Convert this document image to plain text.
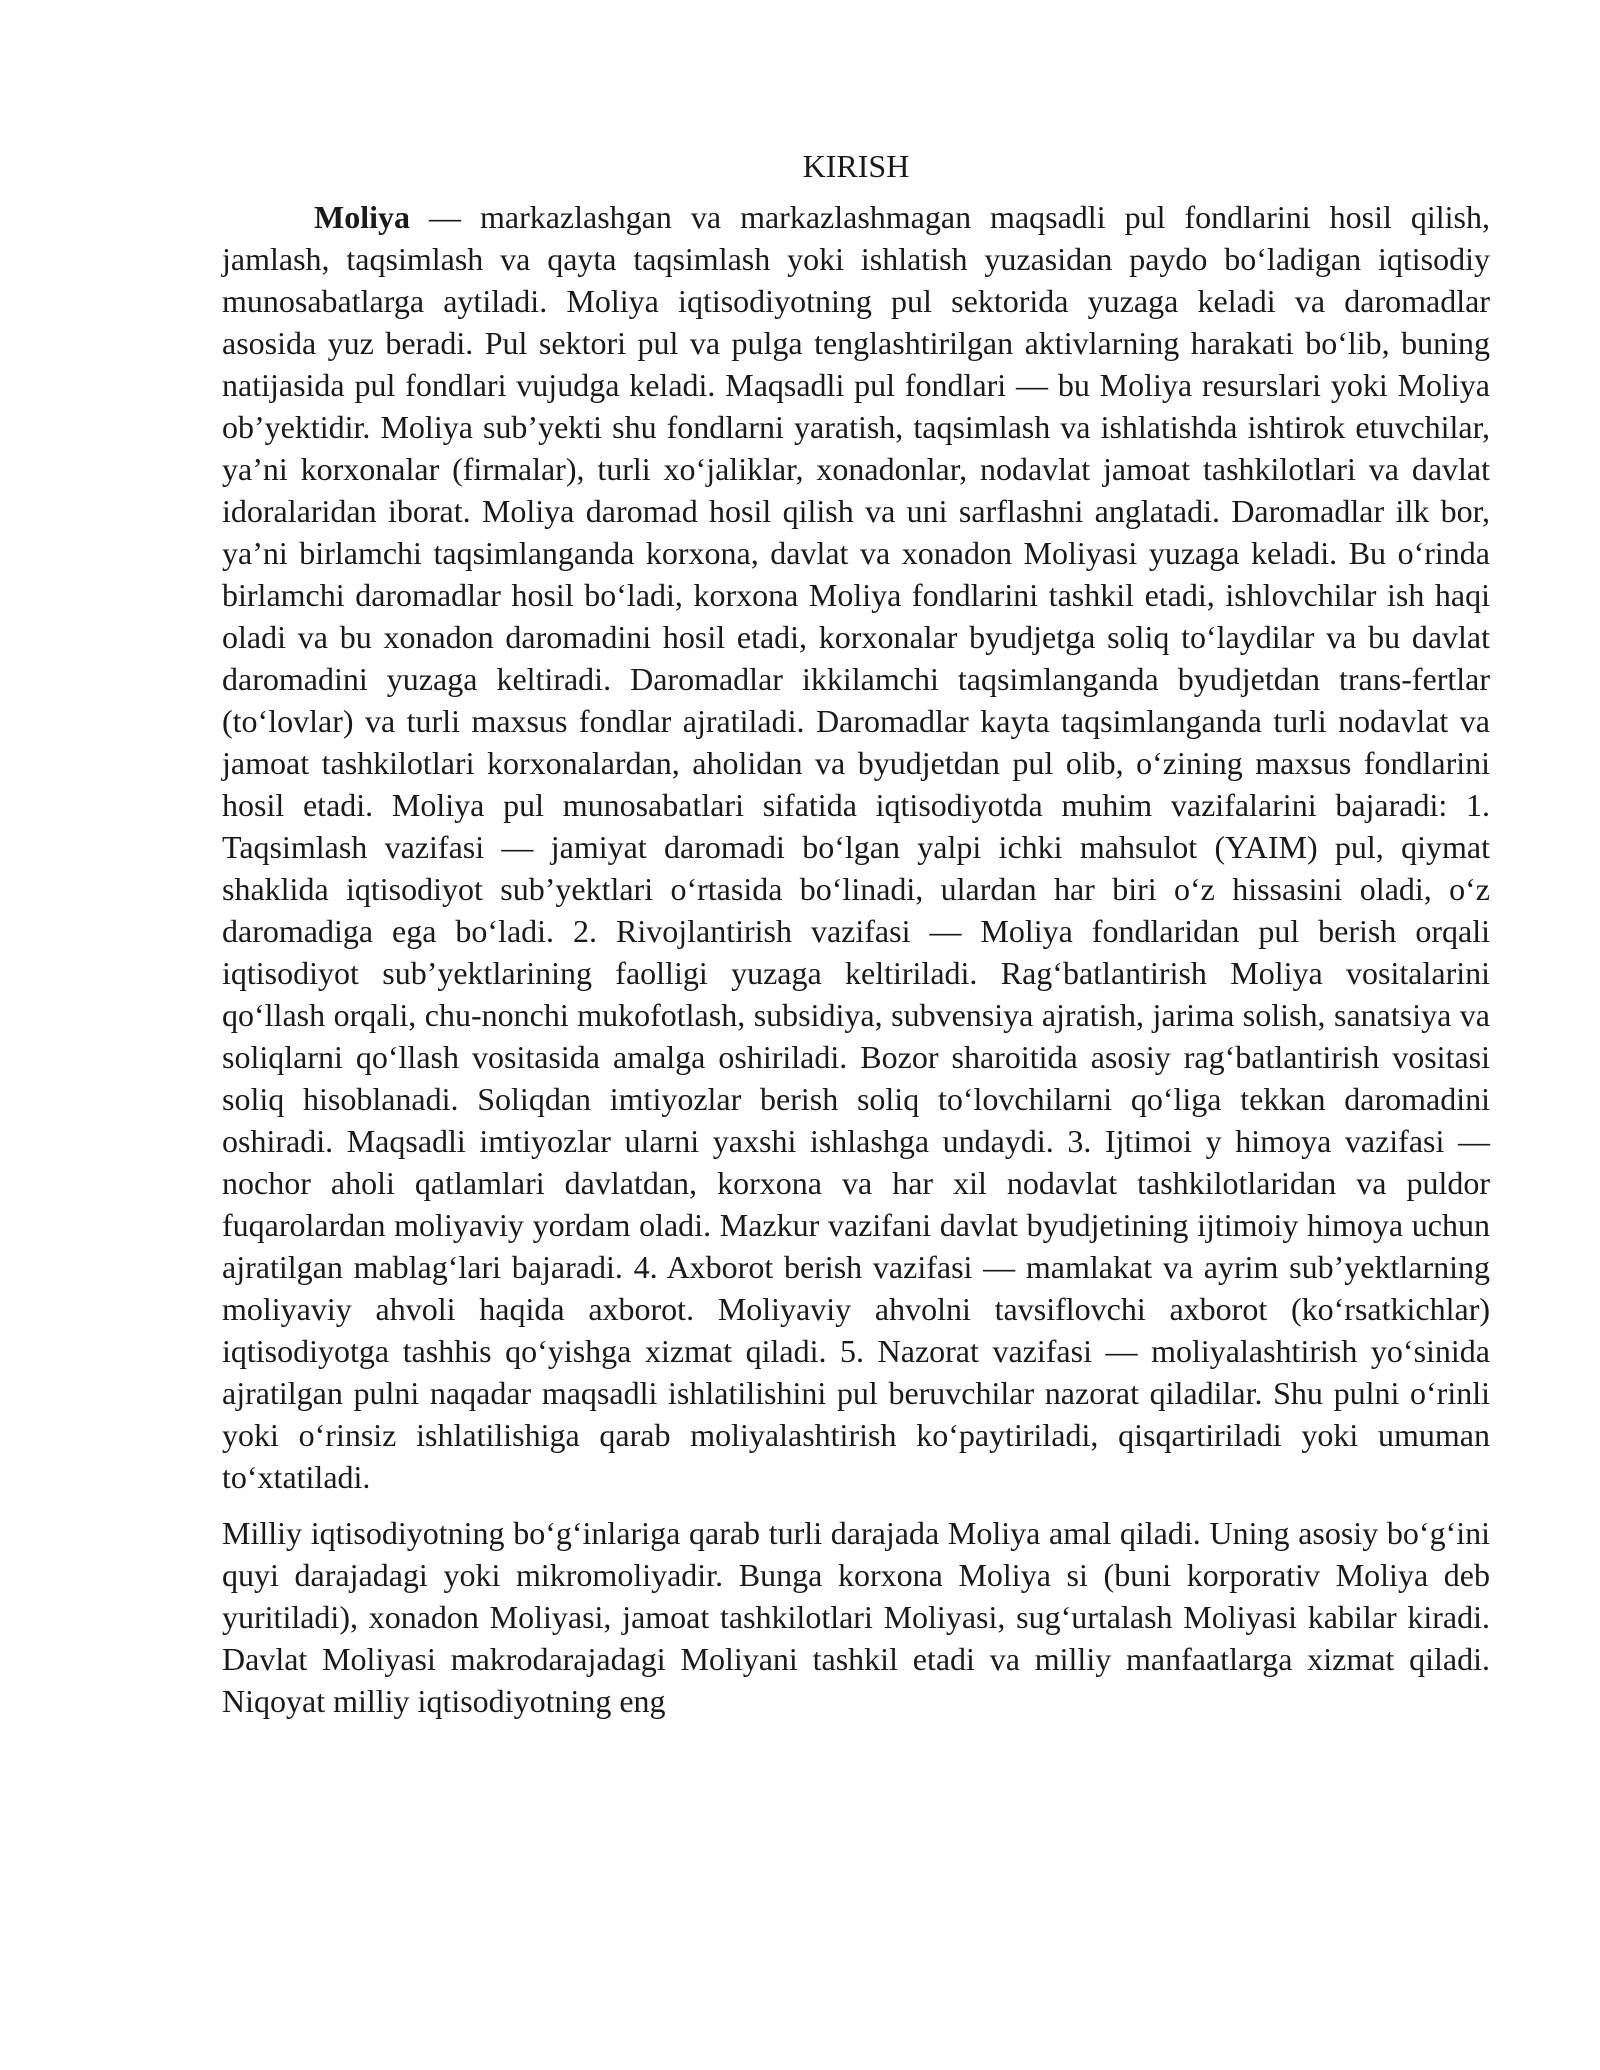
KIRISH

Moliya — markazlashgan va markazlashmagan maqsadli pul fondlarini hosil qilish, jamlash, taqsimlash va qayta taqsimlash yoki ishlatish yuzasidan paydo bo‘ladigan iqtisodiy munosabatlarga aytiladi. Moliya iqtisodiyotning pul sektorida yuzaga keladi va daromadlar asosida yuz beradi. Pul sektori pul va pulga tenglashtirilgan aktivlarning harakati bo‘lib, buning natijasida pul fondlari vujudga keladi. Maqsadli pul fondlari — bu Moliya resurslari yoki Moliya ob’yektidir. Moliya sub’yekti shu fondlarni yaratish, taqsimlash va ishlatishda ishtirok etuvchilar, ya’ni korxonalar (firmalar), turli xo‘jaliklar, xonadonlar, nodavlat jamoat tashkilotlari va davlat idoralaridan iborat. Moliya daromad hosil qilish va uni sarflashni anglatadi. Daromadlar ilk bor, ya’ni birlamchi taqsimlanganda korxona, davlat va xonadon Moliyasi yuzaga keladi. Bu o‘rinda birlamchi daromadlar hosil bo‘ladi, korxona Moliya fondlarini tashkil etadi, ishlovchilar ish haqi oladi va bu xonadon daromadini hosil etadi, korxonalar byudjetga soliq to‘laydilar va bu davlat daromadini yuzaga keltiradi. Daromadlar ikkilamchi taqsimlanganda byudjetdan trans-fertlar (to‘lovlar) va turli maxsus fondlar ajratiladi. Daromadlar kayta taqsimlanganda turli nodavlat va jamoat tashkilotlari korxonalardan, aholidan va byudjetdan pul olib, o‘zining maxsus fondlarini hosil etadi. Moliya pul munosabatlari sifatida iqtisodiyotda muhim vazifalarini bajaradi: 1. Taqsimlash vazifasi — jamiyat daromadi bo‘lgan yalpi ichki mahsulot (YAIM) pul, qiymat shaklida iqtisodiyot sub’yektlari o‘rtasida bo‘linadi, ulardan har biri o‘z hissasini oladi, o‘z daromadiga ega bo‘ladi. 2. Rivojlantirish vazifasi — Moliya fondlaridan pul berish orqali iqtisodiyot sub’yektlarining faolligi yuzaga keltiriladi. Rag‘batlantirish Moliya vositalarini qo‘llash orqali, chu-nonchi mukofotlash, subsidiya, subvensiya ajratish, jarima solish, sanatsiya va soliqlarni qo‘llash vositasida amalga oshiriladi. Bozor sharoitida asosiy rag‘batlantirish vositasi soliq hisoblanadi. Soliqdan imtiyozlar berish soliq to‘lovchilarni qo‘liga tekkan daromadini oshiradi. Maqsadli imtiyozlar ularni yaxshi ishlashga undaydi. 3. Ijtimoi y himoya vazifasi — nochor aholi qatlamlari davlatdan, korxona va har xil nodavlat tashkilotlaridan va puldor fuqarolardan moliyaviy yordam oladi. Mazkur vazifani davlat byudjetining ijtimoiy himoya uchun ajratilgan mablag‘lari bajaradi. 4. Axborot berish vazifasi — mamlakat va ayrim sub’yektlarning moliyaviy ahvoli haqida axborot. Moliyaviy ahvolni tavsiflovchi axborot (ko‘rsatkichlar) iqtisodiyotga tashhis qo‘yishga xizmat qiladi. 5. Nazorat vazifasi — moliyalashtirish yo‘sinida ajratilgan pulni naqadar maqsadli ishlatilishini pul beruvchilar nazorat qiladilar. Shu pulni o‘rinli yoki o‘rinsiz ishlatilishiga qarab moliyalashtirish ko‘paytiriladi, qisqartiriladi yoki umuman to‘xtatiladi.

Milliy iqtisodiyotning bo‘g‘inlariga qarab turli darajada Moliya amal qiladi. Uning asosiy bo‘g‘ini quyi darajadagi yoki mikromoliyadir. Bunga korxona Moliya si (buni korporativ Moliya deb yuritiladi), xonadon Moliyasi, jamoat tashkilotlari Moliyasi, sug‘urtalash Moliyasi kabilar kiradi. Davlat Moliyasi makrodarajadagi Moliyani tashkil etadi va milliy manfaatlarga xizmat qiladi. Niqoyat milliy iqtisodiyotning eng
